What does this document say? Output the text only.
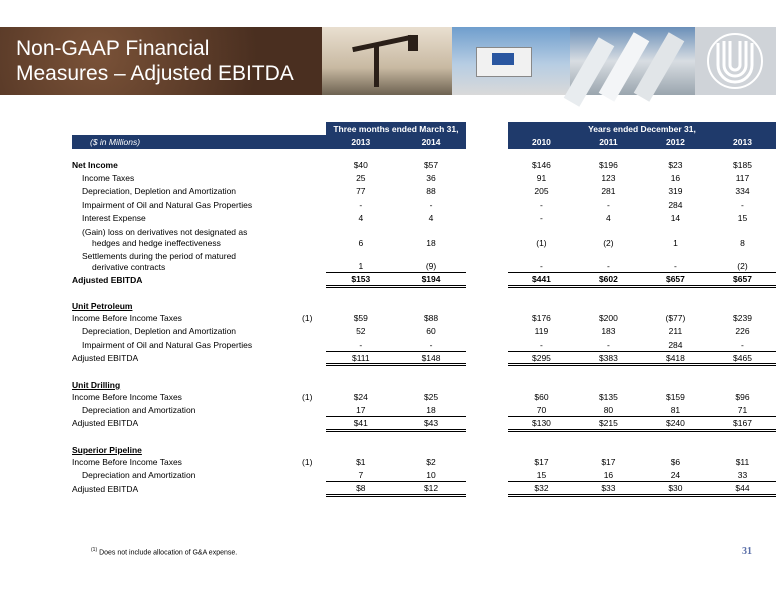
Non-GAAP Financial
Measures – Adjusted EBITDA
		Three months ended March 31,			Years ended December 31,			
($ in Millions)		2013	2014		2010	2011	2012	2013

Net Income		$40	$57		$146	$196	$23	$185
Income Taxes		25	36		91	123	16	117
Depreciation, Depletion and Amortization		77	88		205	281	319	334
Impairment of Oil and Natural Gas Properties		-	-		-	-	284	-
Interest Expense		4	4		-	4	14	15

(Gain) loss on derivatives not designated as
hedges and hedge ineffectiveness		6	18		(1)	(2)	1	8

Settlements during the period of matured
derivative contracts		1	(9)		-	-	-	(2)
Adjusted EBITDA		$153	$194		$441	$602	$657	$657

Unit Petroleum								
Income Before Income Taxes	(1)	$59	$88		$176	$200	($77)	$239
Depreciation, Depletion and Amortization		52	60		119	183	211	226
Impairment of Oil and Natural Gas Properties		-	-		-	-	284	-
Adjusted EBITDA		$111	$148		$295	$383	$418	$465

Unit Drilling								
Income Before Income Taxes	(1)	$24	$25		$60	$135	$159	$96
Depreciation and Amortization		17	18		70	80	81	71
Adjusted EBITDA		$41	$43		$130	$215	$240	$167

Superior Pipeline								
Income Before Income Taxes	(1)	$1	$2		$17	$17	$6	$11
Depreciation and Amortization		7	10		15	16	24	33
Adjusted EBITDA		$8	$12		$32	$33	$30	$44
$^{(1)}$ Does not include allocation of G&A expense.	31
